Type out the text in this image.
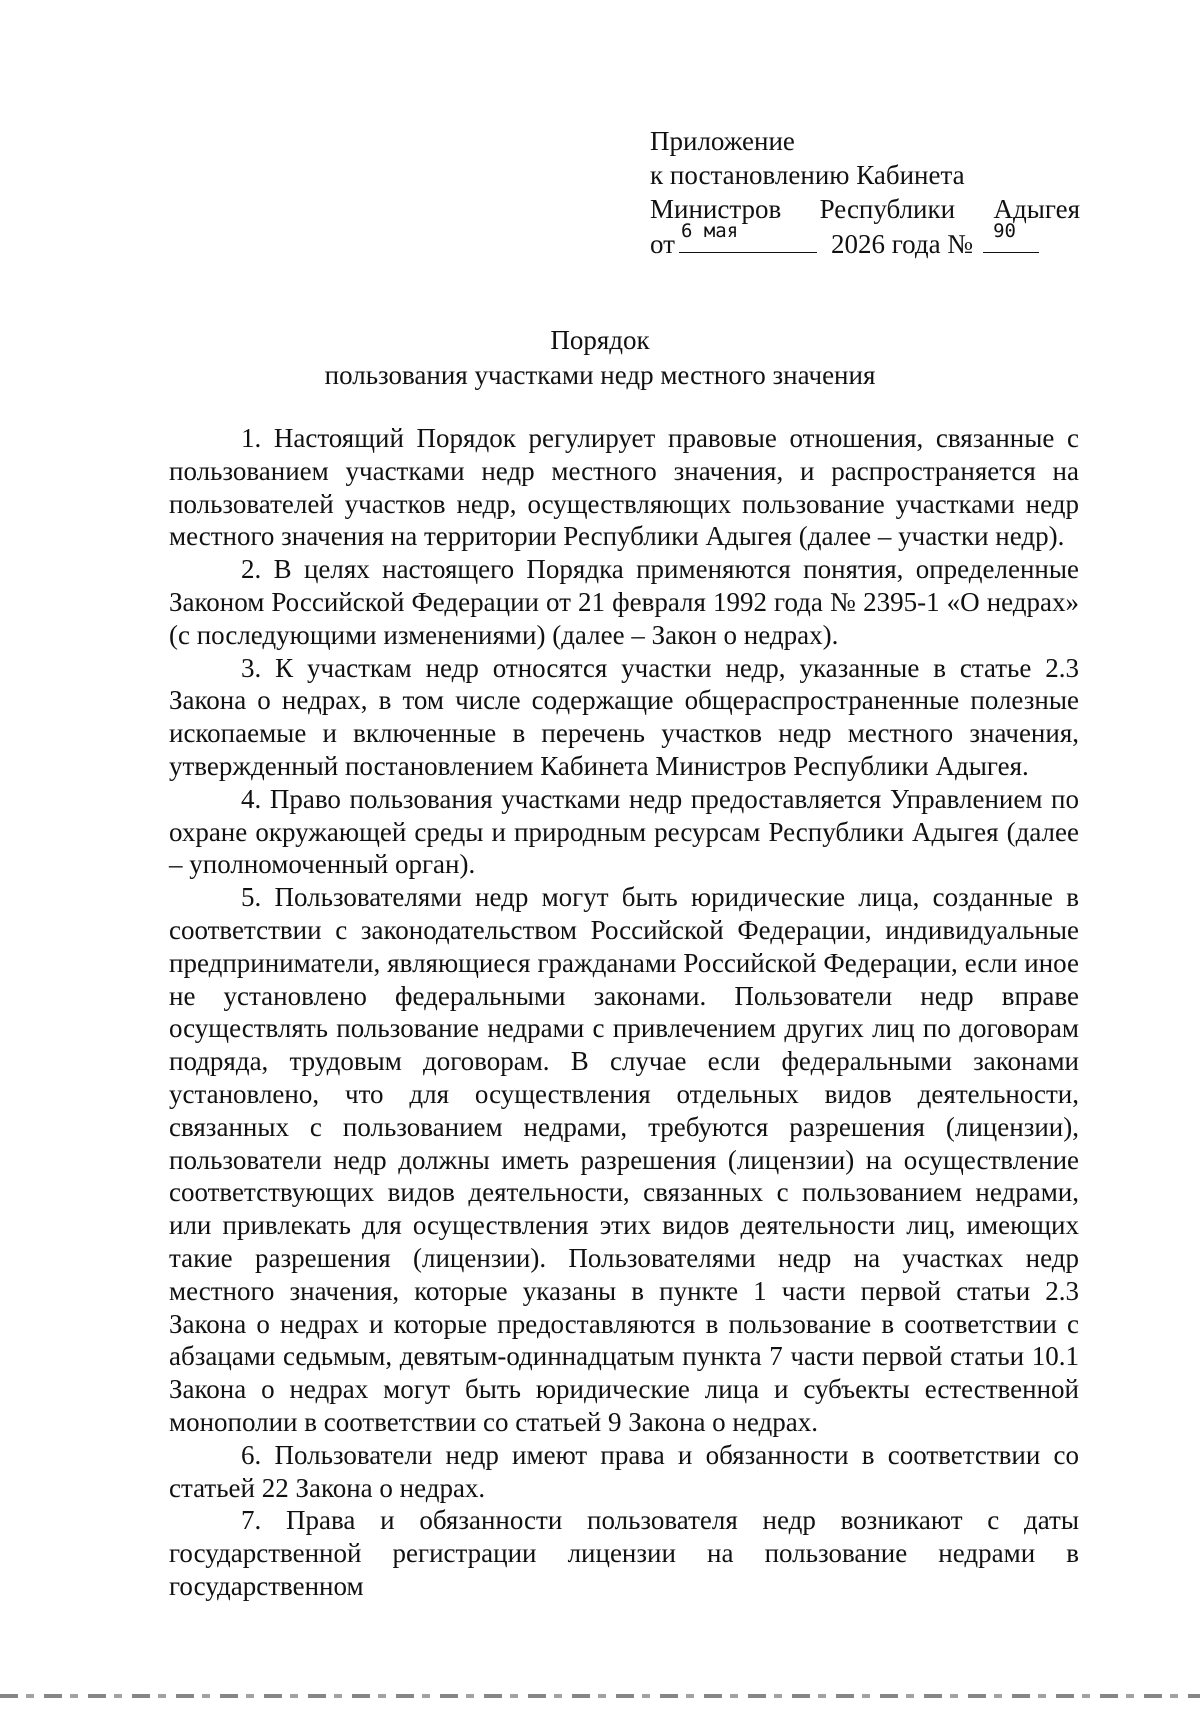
Приложение
к постановлению Кабинета
Министров Республики Адыгея
от 6 мая	2026 года № 90
Порядок
пользования участками недр местного значения

1. Настоящий Порядок регулирует правовые отношения, связанные с пользованием участками недр местного значения, и распространяется на пользователей участков недр, осуществляющих пользование участками недр местного значения на территории Республики Адыгея (далее – участки недр).

2. В целях настоящего Порядка применяются понятия, определенные Законом Российской Федерации от 21 февраля 1992 года № 2395-1 «О недрах» (с последующими изменениями) (далее – Закон о недрах).

3. К участкам недр относятся участки недр, указанные в статье 2.3 Закона о недрах, в том числе содержащие общераспространенные полезные ископаемые и включенные в перечень участков недр местного значения, утвержденный постановлением Кабинета Министров Республики Адыгея.

4. Право пользования участками недр предоставляется Управлением по охране окружающей среды и природным ресурсам Республики Адыгея (далее – уполномоченный орган).

5. Пользователями недр могут быть юридические лица, созданные в соответствии с законодательством Российской Федерации, индивидуальные предприниматели, являющиеся гражданами Российской Федерации, если иное не установлено федеральными законами. Пользователи недр вправе осуществлять пользование недрами с привлечением других лиц по договорам подряда, трудовым договорам. В случае если федеральными законами установлено, что для осуществления отдельных видов деятельности, связанных с пользованием недрами, требуются разрешения (лицензии), пользователи недр должны иметь разрешения (лицензии) на осуществление соответствующих видов деятельности, связанных с пользованием недрами, или привлекать для осуществления этих видов деятельности лиц, имеющих такие разрешения (лицензии). Пользователями недр на участках недр местного значения, которые указаны в пункте 1 части первой статьи 2.3 Закона о недрах и которые предоставляются в пользование в соответствии с абзацами седьмым, девятым-одиннадцатым пункта 7 части первой статьи 10.1 Закона о недрах могут быть юридические лица и субъекты естественной монополии в соответствии со статьей 9 Закона о недрах.

6. Пользователи недр имеют права и обязанности в соответствии со статьей 22 Закона о недрах.

7. Права и обязанности пользователя недр возникают с даты государственной регистрации лицензии на пользование недрами в государственном
